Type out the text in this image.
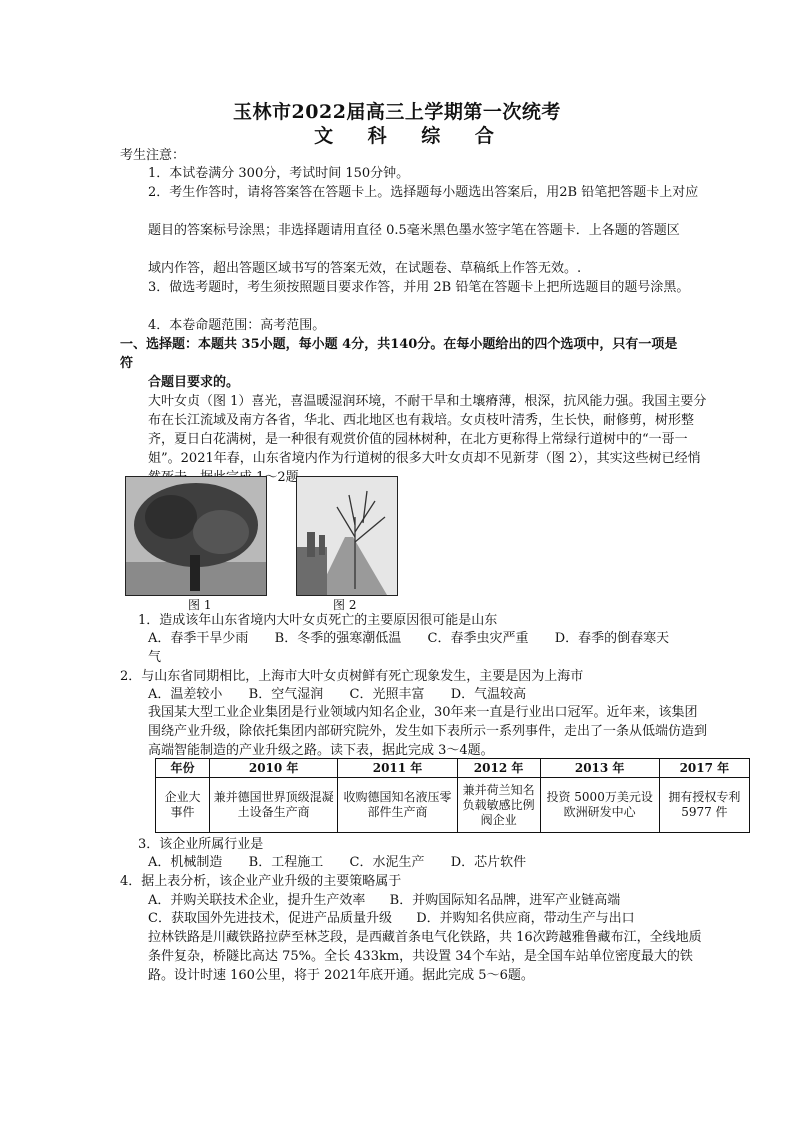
玉林市2022届高三上学期第一次统考
文 科 综 合
考生注意：
1．本试卷满分 300分，考试时间 150分钟。
2．考生作答时，请将答案答在答题卡上。选择题每小题选出答案后，用2B 铅笔把答题卡上对应
题目的答案标号涂黑；非选择题请用直径 0.5毫米黑色墨水签字笔在答题卡．上各题的答题区
域内作答，超出答题区域书写的答案无效，在试题卷、草稿纸上作答无效。.
3．做选考题时，考生须按照题目要求作答，并用 2B 铅笔在答题卡上把所选题目的题号涂黑。
4．本卷命题范围：高考范围。
一、选择题：本题共 35小题，每小题 4分，共140分。在每小题给出的四个选项中，只有一项是符
合题目要求的。
大叶女贞（图 1）喜光，喜温暖湿润环境，不耐干旱和土壤瘠薄，根深，抗风能力强。我国主要分布在长江流域及南方各省，华北、西北地区也有栽培。女贞枝叶清秀，生长快，耐修剪，树形整齐，夏日白花满树，是一种很有观赏价值的园林树种，在北方更称得上常绿行道树中的“一哥一姐”。2021年春，山东省境内作为行道树的很多大叶女贞却不见新芽（图 2），其实这些树已经悄 1～2题。
图 1	图 2
1．造成该年山东省境内大叶女贞死亡的主要原因很可能是山东
A．春季干旱少雨 B．冬季的强寒潮低温 C．春季虫灾严重 D．春季的倒春寒天气
2．与山东省同期相比，上海市大叶女贞树鲜有死亡现象发生，主要是因为上海市
A．温差较小 B．空气湿润 C．光照丰富 D．气温较高
我国某大型工业企业集团是行业领域内知名企业，30年来一直是行业出口冠军。近年来，该集团围绕产业升级，除依托集团内部研究院外，发生如下表所示一系列事件，走出了一条从低端仿造到高端智能制造的产业升级之路。读下表，据此完成 3～4题。
年份	2010 年	2011 年	2012 年	2013 年	2017 年
企业大事件	兼并德国世界顶级混凝土设备生产商	收购德国知名液压零部件生产商	兼并荷兰知名负载敏感比例阀企业	投资 5000万美元设欧洲研发中心	拥有授权专利 5977 件
3．该企业所属行业是
A．机械制造 B．工程施工 C．水泥生产 D．芯片软件
4．据上表分析，该企业产业升级的主要策略属于
A．并购关联技术企业，提升生产效率 B．并购国际知名品牌，进军产业链高端
C．获取国外先进技术，促进产品质量升级 D．并购知名供应商，带动生产与出口
拉林铁路是川藏铁路拉萨至林芝段，是西藏首条电气化铁路，共 16次跨越雅鲁藏布江，全线地质条件复杂，桥隧比高达 75%。全长 433km，共设置 34个车站，是全国车站单位密度最大的铁路。设计时速 160公里，将于 2021年底开通。据此完成 5～6题。
